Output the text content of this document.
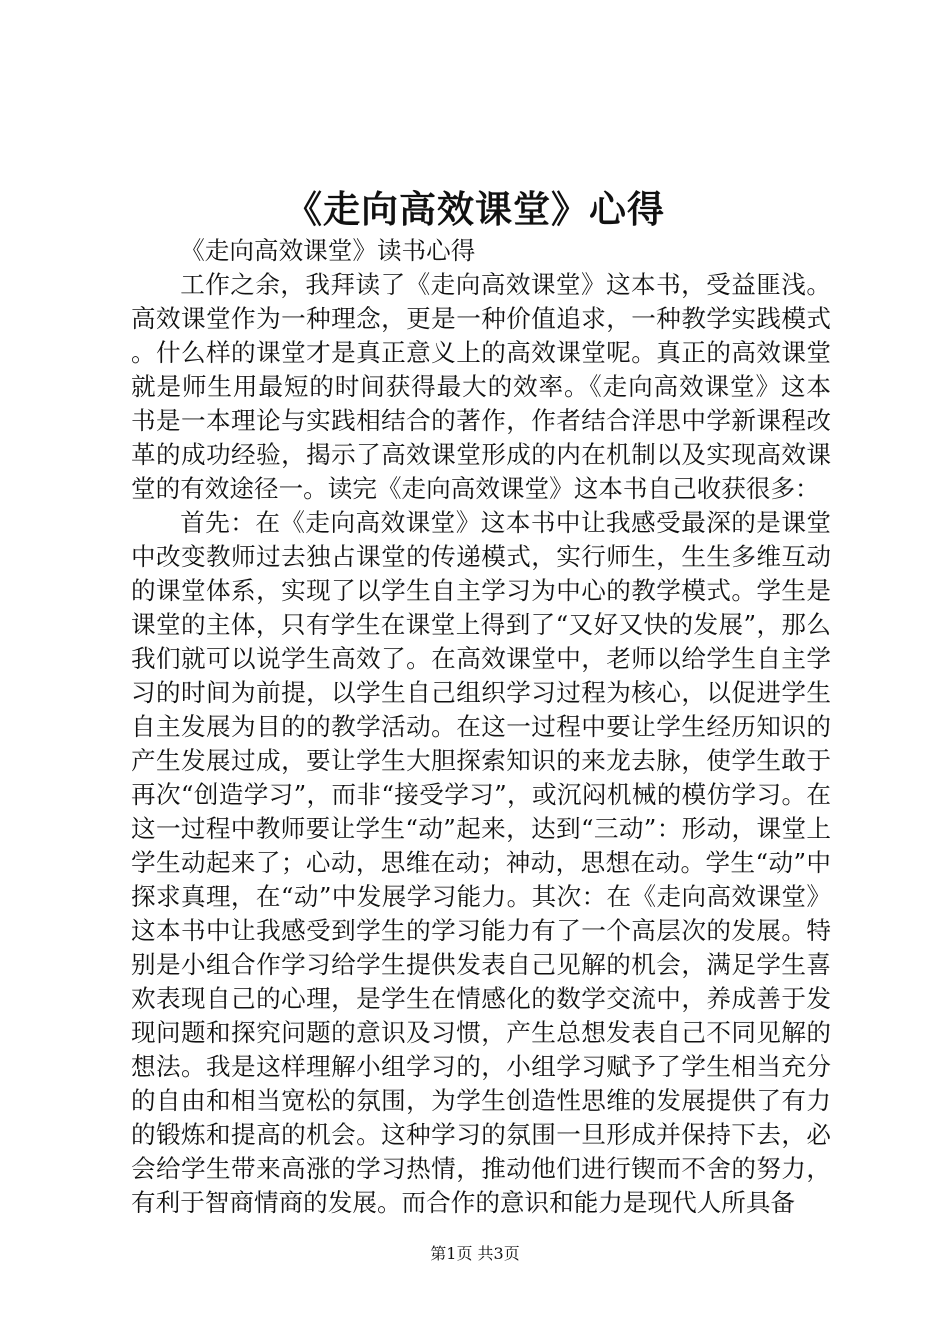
《走向高效课堂》心得

《走向高效课堂》读书心得

工作之余，我拜读了《走向高效课堂》这本书，受益匪浅。高效课堂作为一种理念，更是一种价值追求，一种教学实践模式。什么样的课堂才是真正意义上的高效课堂呢。真正的高效课堂就是师生用最短的时间获得最大的效率。《走向高效课堂》这本书是一本理论与实践相结合的著作，作者结合洋思中学新课程改革的成功经验，揭示了高效课堂形成的内在机制以及实现高效课堂的有效途径一。读完《走向高效课堂》这本书自己收获很多：

首先：在《走向高效课堂》这本书中让我感受最深的是课堂中改变教师过去独占课堂的传递模式，实行师生，生生多维互动的课堂体系，实现了以学生自主学习为中心的教学模式。学生是课堂的主体，只有学生在课堂上得到了“又好又快的发展”，那么我们就可以说学生高效了。在高效课堂中，老师以给学生自主学习的时间为前提，以学生自己组织学习过程为核心，以促进学生自主发展为目的的教学活动。在这一过程中要让学生经历知识的产生发展过成，要让学生大胆探索知识的来龙去脉，使学生敢于再次“创造学习”，而非“接受学习”，或沉闷机械的模仿学习。在这一过程中教师要让学生“动”起来，达到“三动”：形动，课堂上学生动起来了；心动，思维在动；神动，思想在动。学生“动”中探求真理，在“动”中发展学习能力。其次：在《走向高效课堂》这本书中让我感受到学生的学习能力有了一个高层次的发展。特别是小组合作学习给学生提供发表自己见解的机会，满足学生喜欢表现自己的心理，是学生在情感化的数学交流中，养成善于发现问题和探究问题的意识及习惯，产生总想发表自己不同见解的想法。我是这样理解小组学习的，小组学习赋予了学生相当充分的自由和相当宽松的氛围，为学生创造性思维的发展提供了有力的锻炼和提高的机会。这种学习的氛围一旦形成并保持下去，必会给学生带来高涨的学习热情，推动他们进行锲而不舍的努力，有利于智商情商的发展。而合作的意识和能力是现代人所具备

第1页 共3页
